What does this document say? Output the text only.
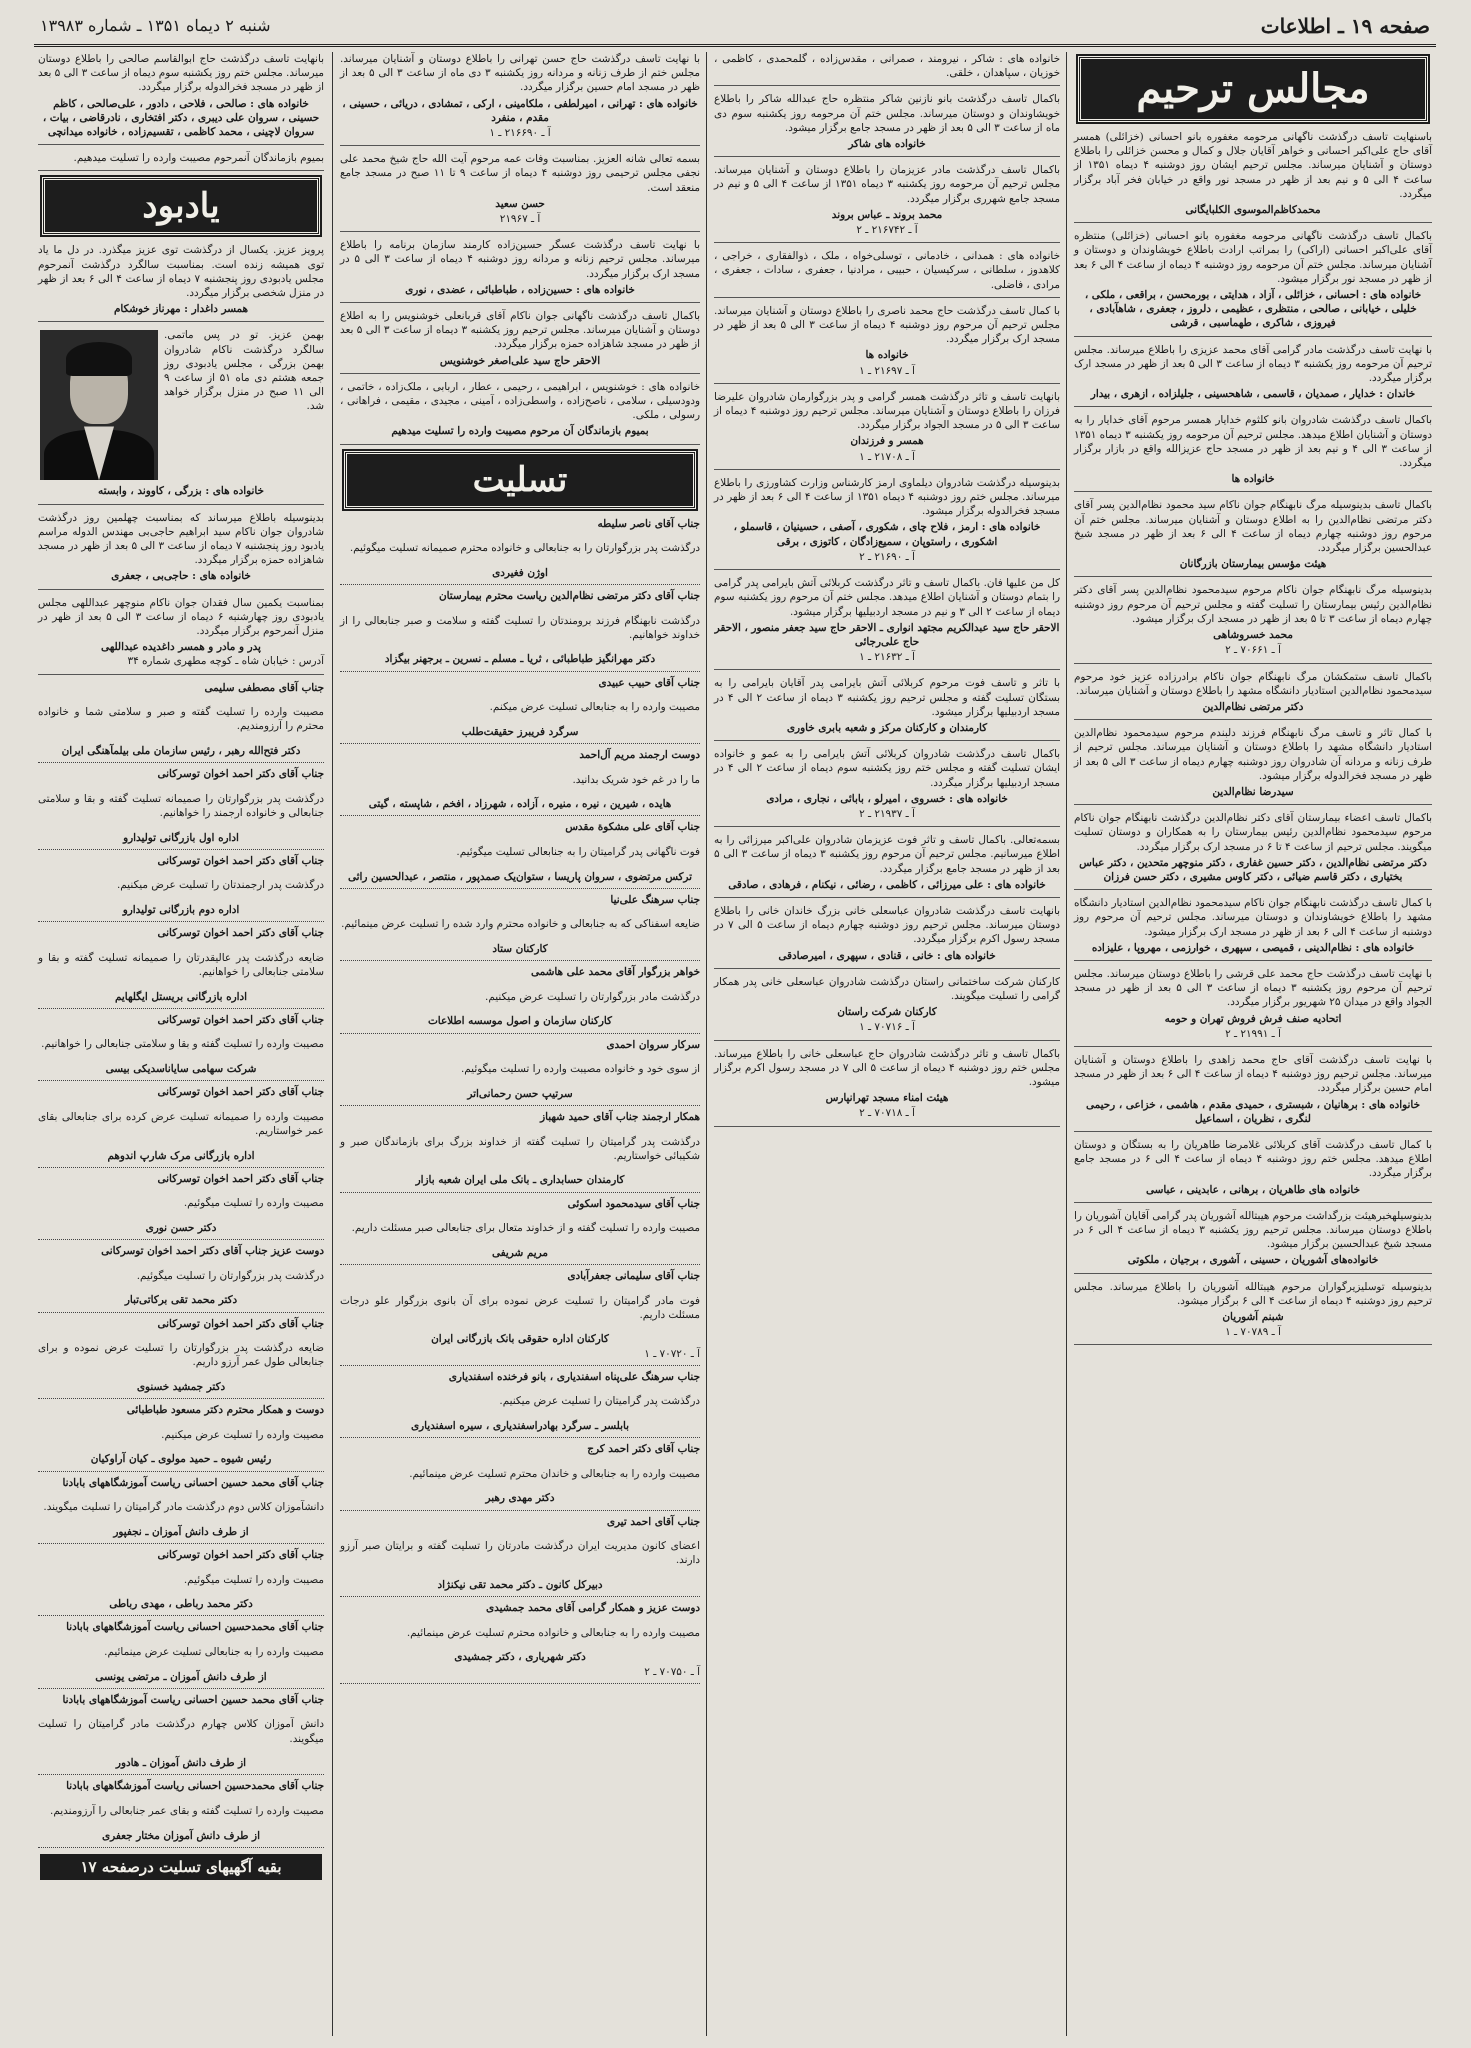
صفحه ۱۹ ـ اطلاعات
شنبه ۲ دیماه ۱۳۵۱ ـ شماره ۱۳۹۸۳
مجالس ترحیم

باسنهایت تاسف درگذشت ناگهانی مرحومه مغفوره بانو احسانی (خزائلی) همسر آقای حاج علی‌اکبر احسانی و خواهر آقایان جلال و کمال و محسن خزائلی را باطلاع دوستان و آشنایان میرساند. مجلس ترحیم ایشان روز دوشنبه ۴ دیماه ۱۳۵۱ از ساعت ۴ الی ۵ و نیم بعد از ظهر در مسجد نور واقع در خیابان فخر آباد برگزار میگردد.

محمدکاظم‌الموسوی الکلبایگانی

باکمال تاسف درگذشت ناگهانی مرحومه مغفوره بانو احسانی (خزائلی) منتظره آقای علی‌اکبر احسانی (اراکی) را بمراتب ارادت باطلاع خویشاوندان و دوستان و آشنایان میرساند. مجلس ختم آن مرحومه روز دوشنبه ۴ دیماه از ساعت ۴ الی ۶ بعد از ظهر در مسجد نور برگزار میشود.

خانواده های : احسانی ، خزائلی ، آزاد ، هدایتی ، بورمحسن ، براقعی ، ملکی ، خلیلی ، خیابانی ، صالحی ، منتظری ، عظیمی ، دلروز ، جعفری ، شاهآبادی ، فیروزی ، شاکری ، طهماسبی ، قرشی

با نهایت تاسف درگذشت مادر گرامی آقای محمد عزیزی را باطلاع میرساند. مجلس ترحیم آن مرحومه روز یکشنبه ۳ دیماه از ساعت ۳ الی ۵ بعد از ظهر در مسجد ارک برگزار میگردد.

خاندان : خدایار ، صمدیان ، قاسمی ، شاهحسینی ، جلیلزاده ، ازهری ، بیدار

باکمال تاسف درگذشت شادروان بانو کلثوم خدایار همسر مرحوم آقای خدایار را به دوستان و آشنایان اطلاع میدهد. مجلس ترحیم آن مرحومه روز یکشنبه ۳ دیماه ۱۳۵۱ از ساعت ۳ الی ۴ و نیم بعد از ظهر در مسجد حاج عزیزالله واقع در بازار برگزار میگردد.

خانواده ها

باکمال تاسف بدینوسیله مرگ نابهنگام جوان ناکام سید محمود نظام‌الدین پسر آقای دکتر مرتضی نظام‌الدین را به اطلاع دوستان و آشنایان میرساند. مجلس ختم آن مرحوم روز دوشنبه چهارم دیماه از ساعت ۴ الی ۶ بعد از ظهر در مسجد شیخ عبدالحسین برگزار میگردد.

هیئت مؤسس بیمارستان بازرگانان

بدینوسیله مرگ نابهنگام جوان ناکام مرحوم سیدمحمود نظام‌الدین پسر آقای دکتر نظام‌الدین رئیس بیمارستان را تسلیت گفته و مجلس ترحیم آن مرحوم روز دوشنبه چهارم دیماه از ساعت ۳ تا ۵ بعد از ظهر در مسجد ارک برگزار میشود.

محمد خسروشاهی
آ ـ ۷۰۶۶۱ ـ ۲

باکمال تاسف ستمکشان مرگ نابهنگام جوان ناکام برادرزاده عزیز خود مرحوم سیدمحمود نظام‌الدین استادیار دانشگاه مشهد را باطلاع دوستان و آشنایان میرساند.

دکتر مرتضی نظام‌الدین

با کمال تاثر و تاسف مرگ نابهنگام فرزند دلبندم مرحوم سیدمحمود نظام‌الدین استادیار دانشگاه مشهد را باطلاع دوستان و آشنایان میرساند. مجلس ترحیم از طرف زنانه و مردانه آن شادروان روز دوشنبه چهارم دیماه از ساعت ۳ الی ۵ بعد از ظهر در مسجد فخرالدوله برگزار میشود.

سیدرضا نظام‌الدین

باکمال تاسف اعضاء بیمارستان آقای دکتر نظام‌الدین درگذشت نابهنگام جوان ناکام مرحوم سیدمحمود نظام‌الدین رئیس بیمارستان را به همکاران و دوستان تسلیت میگویند. مجلس ترحیم از ساعت ۴ تا ۶ در مسجد ارک برگزار میگردد.

دکتر مرتضی نظام‌الدین ، دکتر حسین غفاری ، دکتر منوچهر متحدین ، دکتر عباس بختیاری ، دکتر قاسم ضیائی ، دکتر کاوس مشیری ، دکتر حسن فرزان

با کمال تاسف درگذشت نابهنگام جوان ناکام سیدمحمود نظام‌الدین استادیار دانشگاه مشهد را باطلاع خویشاوندان و دوستان میرساند. مجلس ترحیم آن مرحوم روز دوشنبه از ساعت ۴ الی ۶ بعد از ظهر در مسجد ارک برگزار میشود.

خانواده های : نظام‌الدینی ، قمیصی ، سپهری ، خوارزمی ، مهروپا ، علیزاده

با نهایت تاسف درگذشت حاج محمد علی قرشی را باطلاع دوستان میرساند. مجلس ترحیم آن مرحوم روز یکشنبه ۳ دیماه از ساعت ۳ الی ۵ بعد از ظهر در مسجد الجواد واقع در میدان ۲۵ شهریور برگزار میگردد.

اتحادیه صنف فرش فروش تهران و حومه
آ ـ ۲۱۹۹۱ ـ ۲

با نهایت تاسف درگذشت آقای حاج محمد زاهدی را باطلاع دوستان و آشنایان میرساند. مجلس ترحیم روز دوشنبه ۴ دیماه از ساعت ۴ الی ۶ بعد از ظهر در مسجد امام حسین برگزار میگردد.

خانواده های : برهانیان ، شبستری ، حمیدی مقدم ، هاشمی ، خزاعی ، رحیمی لنگری ، نظریان ، اسماعیل

با کمال تاسف درگذشت آقای کربلائی غلامرضا طاهریان را به بستگان و دوستان اطلاع میدهد. مجلس ختم روز دوشنبه ۴ دیماه از ساعت ۴ الی ۶ در مسجد جامع برگزار میگردد.

خانواده های طاهریان ، برهانی ، عابدینی ، عباسی

بدینوسیلهخبرهیئت بزرگداشت مرحوم هیبتالله آشوریان پدر گرامی آقایان آشوریان را باطلاع دوستان میرساند. مجلس ترحیم روز یکشنبه ۳ دیماه از ساعت ۴ الی ۶ در مسجد شیخ عبدالحسین برگزار میشود.

خانواده‌های آشوریان ، حسینی ، آشوری ، برجیان ، ملکوتی

بدینوسیله توسلیزیرگواران مرحوم هیبتالله آشوریان را باطلاع میرساند. مجلس ترحیم روز دوشنبه ۴ دیماه از ساعت ۴ الی ۶ برگزار میشود.

شبنم آشوریان
آ ـ ۷۰۷۸۹ ـ ۱

خانواده های : شاکر ، نیرومند ، صمرانی ، مقدس‌زاده ، گلمحمدی ، کاظمی ، خوزیان ، سپاهدان ، خلقی.

باکمال تاسف درگذشت بانو نازنین شاکر منتظره حاج عبدالله شاکر را باطلاع خویشاوندان و دوستان میرساند. مجلس ختم آن مرحومه روز یکشنبه سوم دی ماه از ساعت ۳ الی ۵ بعد از ظهر در مسجد جامع برگزار میشود.

خانواده های شاکر

باکمال تاسف درگذشت مادر عزیزمان را باطلاع دوستان و آشنایان میرساند. مجلس ترحیم آن مرحومه روز یکشنبه ۳ دیماه ۱۳۵۱ از ساعت ۴ الی ۵ و نیم در مسجد جامع شهرری برگزار میگردد.

محمد بروند ـ عباس بروند
آ ـ ۲۱۶۷۴۲ ـ ۲

خانواده های : همدانی ، خادمانی ، توسلی‌خواه ، ملک ، ذوالفقاری ، خراجی ، کلاهدوز ، سلطانی ، سرکیسیان ، حبیبی ، مرادنیا ، جعفری ، سادات ، جعفری ، مرادی ، فاضلی.

با کمال تاسف درگذشت حاج محمد ناصری را باطلاع دوستان و آشنایان میرساند. مجلس ترحیم آن مرحوم روز دوشنبه ۴ دیماه از ساعت ۳ الی ۵ بعد از ظهر در مسجد ارک برگزار میگردد.

خانواده ها
آ ـ ۲۱۶۹۷ ـ ۱

بانهایت تاسف و تاثر درگذشت همسر گرامی و پدر بزرگوارمان شادروان علیرضا فرزان را باطلاع دوستان و آشنایان میرساند. مجلس ترحیم روز دوشنبه ۴ دیماه از ساعت ۳ الی ۵ در مسجد الجواد برگزار میگردد.

همسر و فرزندان
آ ـ ۲۱۷۰۸ ـ ۱

بدینوسیله درگذشت شادروان دیلماوی ارمز کارشناس وزارت کشاورزی را باطلاع میرساند. مجلس ختم روز دوشنبه ۴ دیماه ۱۳۵۱ از ساعت ۴ الی ۶ بعد از ظهر در مسجد فخرالدوله برگزار میشود.

خانواده های : ارمز ، فلاح چای ، شکوری ، آصفی ، حسینیان ، قاسملو ، اشکوری ، راستوپان ، سمیع‌زادگان ، کاتوزی ، برقی
آ ـ ۲۱۶۹۰ ـ ۲

کل من علیها فان. باکمال تاسف و تاثر درگذشت کربلائی آتش بایرامی پدر گرامی را بتمام دوستان و آشنایان اطلاع میدهد. مجلس ختم آن مرحوم روز یکشنبه سوم دیماه از ساعت ۲ الی ۳ و نیم در مسجد اردبیلیها برگزار میشود.

الاحقر حاج سید عبدالکریم مجتهد انواری ـ الاحقر حاج سید جعفر منصور ، الاحقر حاج علی‌رجائی
آ ـ ۲۱۶۳۲ ـ ۱

با تاثر و تاسف فوت مرحوم کربلائی آتش بایرامی پدر آقایان بایرامی را به بستگان تسلیت گفته و مجلس ترحیم روز یکشنبه ۳ دیماه از ساعت ۲ الی ۴ در مسجد اردبیلیها برگزار میشود.

کارمندان و کارکنان مرکز و شعبه بابری خاوری

باکمال تاسف درگذشت شادروان کربلائی آتش بایرامی را به عمو و خانواده ایشان تسلیت گفته و مجلس ختم روز یکشنبه سوم دیماه از ساعت ۲ الی ۴ در مسجد اردبیلیها برگزار میگردد.

خانواده های : خسروی ، امیرلو ، بابائی ، نجاری ، مرادی
آ ـ ۲۱۹۳۷ ـ ۲

بسمه‌تعالی. باکمال تاسف و تاثر فوت عزیزمان شادروان علی‌اکبر میرزائی را به اطلاع میرسانیم. مجلس ترحیم آن مرحوم روز یکشنبه ۳ دیماه از ساعت ۳ الی ۵ بعد از ظهر در مسجد جامع برگزار میگردد.

خانواده های : علی میرزائی ، کاظمی ، رضائی ، نیکنام ، فرهادی ، صادقی

بانهایت تاسف درگذشت شادروان عباسعلی خانی بزرگ خاندان خانی را باطلاع دوستان میرساند. مجلس ترحیم روز دوشنبه چهارم دیماه از ساعت ۵ الی ۷ در مسجد رسول اکرم برگزار میگردد.

خانواده های : خانی ، قنادی ، سپهری ، امیرصادقی

کارکنان شرکت ساختمانی راستان درگذشت شادروان عباسعلی خانی پدر همکار گرامی را تسلیت میگویند.

کارکنان شرکت راستان
آ ـ ۷۰۷۱۶ ـ ۱

باکمال تاسف و تاثر درگذشت شادروان حاج عباسعلی خانی را باطلاع میرساند. مجلس ختم روز دوشنبه ۴ دیماه از ساعت ۵ الی ۷ در مسجد رسول اکرم برگزار میشود.

هیئت امناء مسجد تهرانپارس
آ ـ ۷۰۷۱۸ ـ ۲

با نهایت تاسف درگذشت حاج حسن تهرانی را باطلاع دوستان و آشنایان میرساند. مجلس ختم از طرف زنانه و مردانه روز یکشنبه ۳ دی ماه از ساعت ۳ الی ۵ بعد از ظهر در مسجد امام حسین برگزار میگردد.

خانواده های : تهرانی ، امیرلطفی ، ملکامینی ، ارکی ، تمشادی ، دریائی ، حسینی ، مقدم ، منفرد
آ ـ ۲۱۶۶۹۰ ـ ۱

بسمه تعالی شانه العزیز. بمناسبت وفات عمه مرحوم آیت الله حاج شیخ محمد علی نجفی مجلس ترحیمی روز دوشنبه ۴ دیماه از ساعت ۹ تا ۱۱ صبح در مسجد جامع منعقد است.

حسن سعید
آ ـ ۲۱۹۶۷

با نهایت تاسف درگذشت عسگر حسین‌زاده کارمند سازمان برنامه را باطلاع میرساند. مجلس ترحیم زنانه و مردانه روز دوشنبه ۴ دیماه از ساعت ۳ الی ۵ در مسجد ارک برگزار میگردد.

خانواده های : حسین‌زاده ، طباطبائی ، عضدی ، نوری

باکمال تاسف درگذشت ناگهانی جوان ناکام آقای قربانعلی خوشنویس را به اطلاع دوستان و آشنایان میرساند. مجلس ترحیم روز یکشنبه ۳ دیماه از ساعت ۳ الی ۵ بعد از ظهر در مسجد شاهزاده حمزه برگزار میگردد.

الاحقر حاج سید علی‌اصغر خوشنویس

خانواده های : خوشنویس ، ابراهیمی ، رحیمی ، عطار ، اربابی ، ملک‌زاده ، خاتمی ، ودودسیلی ، سلامی ، ناصح‌زاده ، واسطی‌زاده ، آمینی ، مجیدی ، مقیمی ، فراهانی ، رسولی ، ملکی.

بمیوم بازماندگان آن مرحوم مصیبت وارده را تسلیت میدهیم
تسلیت
جناب آقای ناصر سلیطه

درگذشت پدر بزرگوارتان را به جنابعالی و خانواده محترم صمیمانه تسلیت میگوئیم.

اوژن فغیردی
جناب آقای دکتر مرتضی نظام‌الدین ریاست محترم بیمارستان

درگذشت نابهنگام فرزند برومندتان را تسلیت گفته و سلامت و صبر جنابعالی را از خداوند خواهانیم.

دکتر مهرانگیز طباطبائی ، ثریا ـ مسلم ـ نسرین ـ برجهنر بیگزاد
جناب آقای حبیب عبیدی

مصیبت وارده را به جنابعالی تسلیت عرض میکنم.

سرگرد فریبرز حقیقت‌طلب
دوست ارجمند مریم آل‌احمد

ما را در غم خود شریک بدانید.

هایده ، شیرین ، نیره ، منیره ، آزاده ، شهرزاد ، افخم ، شاپسته ، گیتی
جناب آقای علی مشکوة مقدس

فوت ناگهانی پدر گرامیتان را به جنابعالی تسلیت میگوئیم.

ترکس مرتضوی ، سروان پاریسا ، ستوان‌یک صمدپور ، منتصر ، عبدالحسین راثی
جناب سرهنگ علی‌نیا

ضایعه اسفناکی که به جنابعالی و خانواده محترم وارد شده را تسلیت عرض مینمائیم.

کارکنان ستاد
خواهر بزرگوار آقای محمد علی هاشمی

درگذشت مادر بزرگوارتان را تسلیت عرض میکنیم.

کارکنان سازمان و اصول موسسه اطلاعات
سرکار سروان احمدی

از سوی خود و خانواده مصیبت وارده را تسلیت میگوئیم.

سرتیپ حسن رحمانی‌اتر
همکار ارجمند جناب آقای حمید شهباز

درگذشت پدر گرامیتان را تسلیت گفته از خداوند بزرگ برای بازماندگان صبر و شکیبائی خواستاریم.

کارمندان حسابداری ـ بانک ملی ایران شعبه بازار
جناب آقای سیدمحمود اسکوئی

مصیبت وارده را تسلیت گفته و از خداوند متعال برای جنابعالی صبر مسئلت داریم.

مریم شریفی
جناب آقای سلیمانی جعفرآبادی

فوت مادر گرامیتان را تسلیت عرض نموده برای آن بانوی بزرگوار علو درجات مسئلت داریم.

کارکنان اداره حقوقی بانک بازرگانی ایران
آ ـ ۷۰۷۲۰ ـ ۱
جناب سرهنگ علی‌پناه اسفندیاری ، بانو فرخنده اسفندیاری

درگذشت پدر گرامیتان را تسلیت عرض میکنیم.

بابلسر ـ سرگرد بهادراسفندیاری ، سیره اسفندیاری
جناب آقای دکتر احمد کرج

مصیبت وارده را به جنابعالی و خاندان محترم تسلیت عرض مینمائیم.

دکتر مهدی رهبر
جناب آقای احمد تیری

اعضای کانون مدیریت ایران درگذشت مادرتان را تسلیت گفته و برایتان صبر آرزو دارند.

دبیرکل کانون ـ دکتر محمد تقی نیکنژاد
دوست عزیز و همکار گرامی آقای محمد جمشیدی

مصیبت وارده را به جنابعالی و خانواده محترم تسلیت عرض مینمائیم.

دکتر شهریاری ، دکتر جمشیدی
آ ـ ۷۰۷۵۰ ـ ۲

بانهایت تاسف درگذشت حاج ابوالقاسم صالحی را باطلاع دوستان میرساند. مجلس ختم روز یکشنبه سوم دیماه از ساعت ۳ الی ۵ بعد از ظهر در مسجد فخرالدوله برگزار میگردد.

خانواده های : صالحی ، فلاحی ، دادور ، علی‌صالحی ، کاظم حسینی ، سروان علی دیبری ، دکتر افتخاری ، نادرقاضی ، بیات ، سروان لاچینی ، محمد کاظمی ، تقسیم‌زاده ، خانواده میدانچی

بمیوم بازماندگان آنمرحوم مصیبت وارده را تسلیت میدهیم.

یادبود

پرویز عزیز. یکسال از درگذشت توی عزیز میگذرد. در دل ما یاد توی همیشه زنده است. بمناسبت سالگرد درگذشت آنمرحوم مجلس یادبودی روز پنجشنبه ۷ دیماه از ساعت ۴ الی ۶ بعد از ظهر در منزل شخصی برگزار میگردد.

همسر داغدار : مهرناز خوشکام

بهمن عزیز. تو در پس ماتمی. سالگرد درگذشت ناکام شادروان بهمن بزرگی ، مجلس یادبودی روز جمعه هشتم دی ماه ۵۱ از ساعت ۹ الی ۱۱ صبح در منزل برگزار خواهد شد.

خانواده های : بزرگی ، کاووند ، وابسته

بدینوسیله باطلاع میرساند که بمناسبت چهلمین روز درگذشت شادروان جوان ناکام سید ابراهیم حاجی‌بی مهندس الدوله مراسم یادبود روز پنجشنبه ۷ دیماه از ساعت ۳ الی ۵ بعد از ظهر در مسجد شاهزاده حمزه برگزار میگردد.

خانواده های : حاجی‌بی ، جعفری

بمناسبت یکمین سال فقدان جوان ناکام منوچهر عبداللهی مجلس یادبودی روز چهارشنبه ۶ دیماه از ساعت ۳ الی ۵ بعد از ظهر در منزل آنمرحوم برگزار میگردد.

پدر و مادر و همسر داغدیده عبداللهی
آدرس : خیابان شاه ـ کوچه مطهری شماره ۳۴
جناب آقای مصطفی سلیمی

مصیبت وارده را تسلیت گفته و صبر و سلامتی شما و خانواده محترم را آرزومندیم.

دکتر فتح‌الله رهبر ، رئیس سازمان ملی بیلمآهنگی ایران
جناب آقای دکتر احمد اخوان توسرکانی

درگذشت پدر بزرگوارتان را صمیمانه تسلیت گفته و بقا و سلامتی جنابعالی و خانواده ارجمند را خواهانیم.

اداره اول بازرگانی تولیدارو
جناب آقای دکتر احمد اخوان توسرکانی

درگذشت پدر ارجمندتان را تسلیت عرض میکنیم.

اداره دوم بازرگانی تولیدارو
جناب آقای دکتر احمد اخوان توسرکانی

ضایعه درگذشت پدر عالیقدرتان را صمیمانه تسلیت گفته و بقا و سلامتی جنابعالی را خواهانیم.

اداره بازرگانی بریستل ایگلهایم
جناب آقای دکتر احمد اخوان توسرکانی

مصیبت وارده را تسلیت گفته و بقا و سلامتی جنابعالی را خواهانیم.

شرکت سهامی سایاناسدیکی بیسی
جناب آقای دکتر احمد اخوان توسرکانی

مصیبت وارده را صمیمانه تسلیت عرض کرده برای جنابعالی بقای عمر خواستاریم.

اداره بازرگانی مرک شارپ اندوهم
جناب آقای دکتر احمد اخوان توسرکانی

مصیبت وارده را تسلیت میگوئیم.

دکتر حسن نوری
دوست عزیز جناب آقای دکتر احمد اخوان توسرکانی

درگذشت پدر بزرگوارتان را تسلیت میگوئیم.

دکتر محمد تقی برکاتی‌تبار
جناب آقای دکتر احمد اخوان توسرکانی

ضایعه درگذشت پدر بزرگوارتان را تسلیت عرض نموده و برای جنابعالی طول عمر آرزو داریم.

دکتر جمشید خسنوی
دوست و همکار محترم دکتر مسعود طباطبائی

مصیبت وارده را تسلیت عرض میکنیم.

رئیس شیوه ـ حمید مولوی ـ کیان آراوکیان
جناب آقای محمد حسین احسانی ریاست آموزشگاههای بابادنا

دانشآموزان کلاس دوم درگذشت مادر گرامیتان را تسلیت میگویند.

از طرف دانش آموزان ـ نجفپور
جناب آقای دکتر احمد اخوان توسرکانی

مصیبت وارده را تسلیت میگوئیم.

دکتر محمد رباطی ، مهدی رباطی
جناب آقای محمدحسین احسانی ریاست آموزشگاههای بابادنا

مصیبت وارده را به جنابعالی تسلیت عرض مینمائیم.

از طرف دانش آموزان ـ مرتضی یونسی
جناب آقای محمد حسین احسانی ریاست آموزشگاههای بابادنا

دانش آموزان کلاس چهارم درگذشت مادر گرامیتان را تسلیت میگویند.

از طرف دانش آموزان ـ هادور
جناب آقای محمدحسین احسانی ریاست آموزشگاههای بابادنا

مصیبت وارده را تسلیت گفته و بقای عمر جنابعالی را آرزومندیم.

از طرف دانش آموزان مختار جعفری
بقیه آگهیهای تسلیت درصفحه ۱۷
